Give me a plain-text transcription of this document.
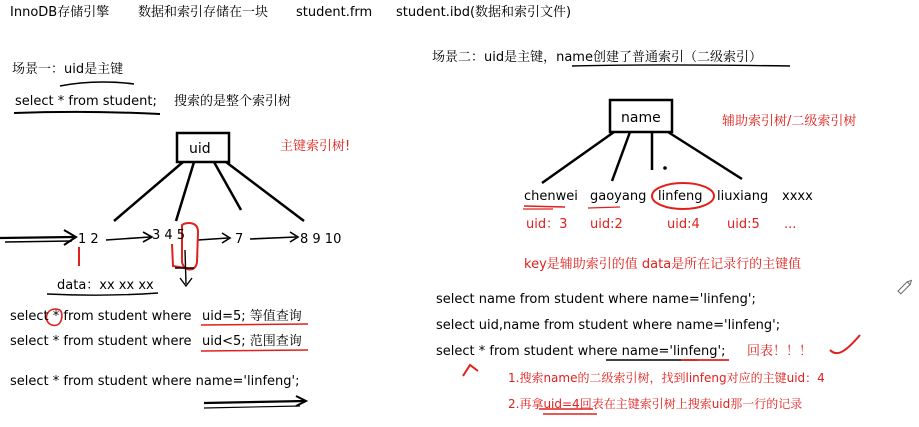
InnoDB存储引擎 数据和索引存储在一块 student.frm student.ibd(数据和索引文件)
场景一：uid是主键
select * from student; 搜索的是整个索引树
uid	主键索引树!
1 2	3 4 5	7	8 9 10
data：xx xx xx
select * from student where uid=5; 等值查询
select * from student where uid<5; 范围查询
select * from student where name='linfeng';
场景二：uid是主键，name创建了普通索引（二级索引）
name	辅助索引树/二级索引树
chenwei gaoyang linfeng liuxiang xxxx
uid：3 uid:2	uid:4 uid:5 ...
key是辅助索引的值 data是所在记录行的主键值
select name from student where name='linfeng';
select uid,name from student where name='linfeng';
select * from student where name='linfeng'; 回表！！！
1.搜索name的二级索引树，找到linfeng对应的主键uid：4
2.再拿uid=4回表在主键索引树上搜索uid那一行的记录
